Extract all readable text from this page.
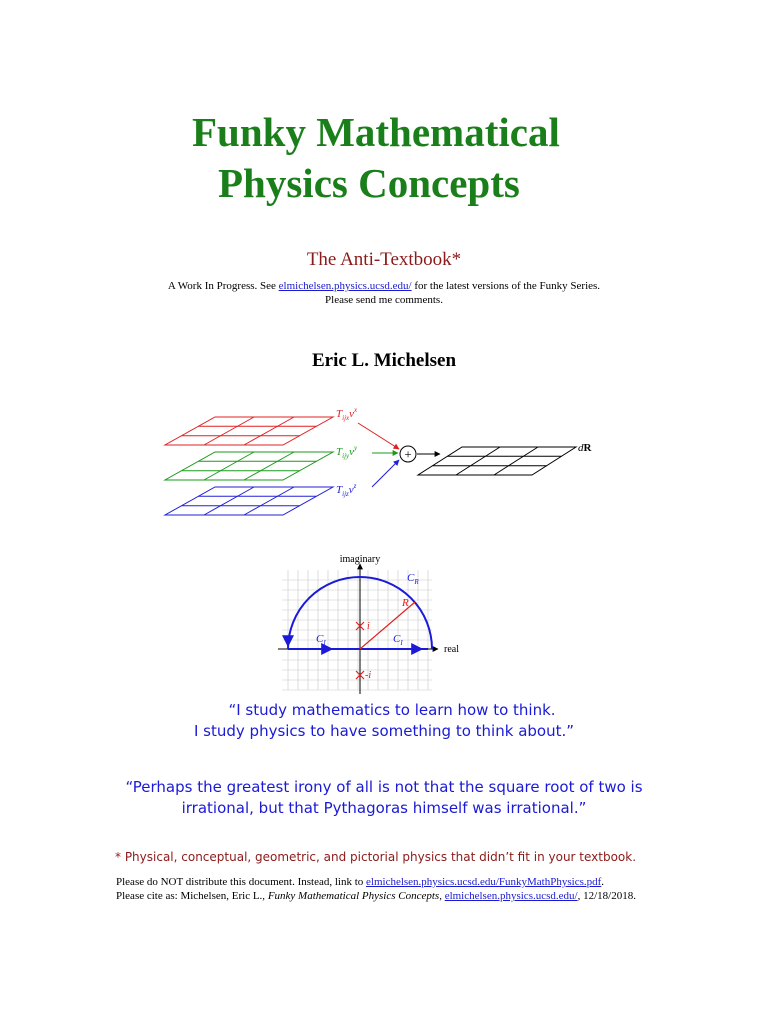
Funky Mathematical
Physics Concepts
The Anti-Textbook*
A Work In Progress. See elmichelsen.physics.ucsd.edu/ for the latest versions of the Funky Series.
Please send me comments.
Eric L. Michelsen
$T_{ijx}v^x$
$T_{ijy}v^y$
$T_{ijz}v^z$
+	dR
imaginary
real
i
-i
$C_R$
R
$C_I$	$C_I$
“I study mathematics to learn how to think.
I study physics to have something to think about.”
“Perhaps the greatest irony of all is not that the square root of two is
irrational, but that Pythagoras himself was irrational.”
* Physical, conceptual, geometric, and pictorial physics that didn’t fit in your textbook.
Please do NOT distribute this document. Instead, link to elmichelsen.physics.ucsd.edu/FunkyMathPhysics.pdf.
Please cite as: Michelsen, Eric L., Funky Mathematical Physics Concepts, elmichelsen.physics.ucsd.edu/, 12/18/2018.
